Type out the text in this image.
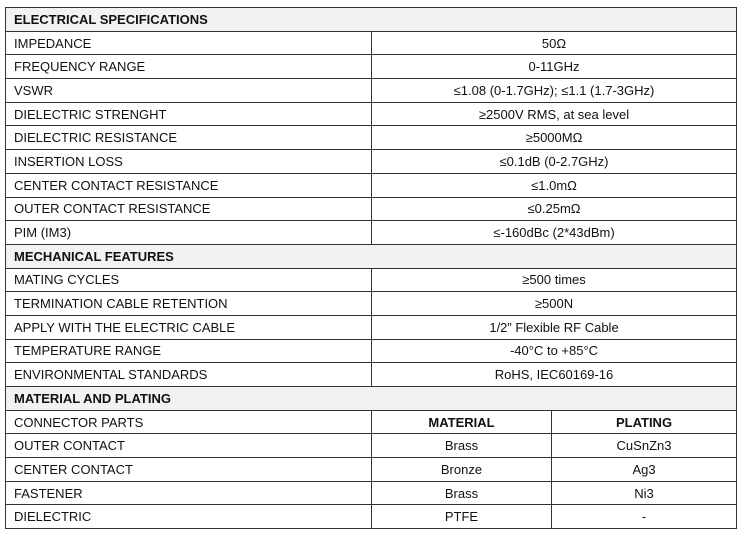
ELECTRICAL SPECIFICATIONS		
IMPEDANCE	50Ω	
FREQUENCY RANGE	0-11GHz	
VSWR	≤1.08 (0-1.7GHz); ≤1.1 (1.7-3GHz)	
DIELECTRIC STRENGHT	≥2500V RMS, at sea level	
DIELECTRIC RESISTANCE	≥5000MΩ	
INSERTION LOSS	≤0.1dB (0-2.7GHz)	
CENTER CONTACT RESISTANCE	≤1.0mΩ	
OUTER CONTACT RESISTANCE	≤0.25mΩ	
PIM (IM3)	≤-160dBc (2*43dBm)	
MECHANICAL FEATURES		
MATING CYCLES	≥500 times	
TERMINATION CABLE RETENTION	≥500N	
APPLY WITH THE ELECTRIC CABLE	1/2” Flexible RF Cable	
TEMPERATURE RANGE	-40°C to +85°C	
ENVIRONMENTAL STANDARDS	RoHS, IEC60169-16	
MATERIAL AND PLATING		
CONNECTOR PARTS	MATERIAL	PLATING
OUTER CONTACT	Brass	CuSnZn3
CENTER CONTACT	Bronze	Ag3
FASTENER	Brass	Ni3
DIELECTRIC	PTFE	-
